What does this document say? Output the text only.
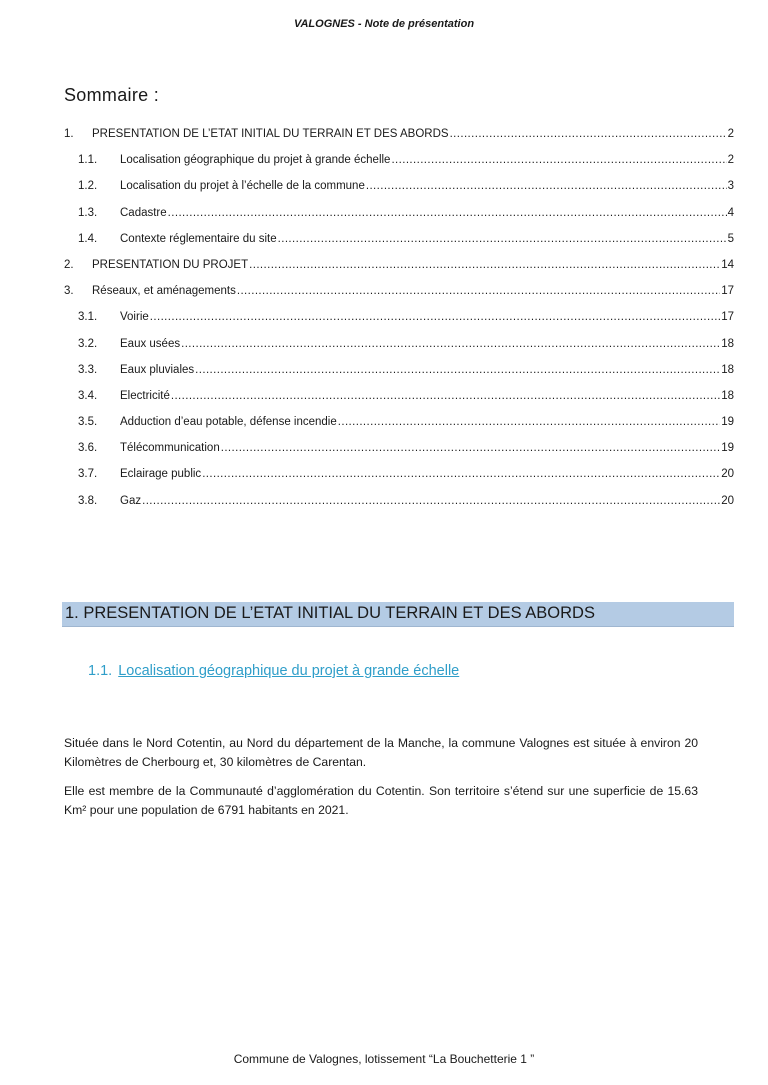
VALOGNES - Note de présentation
Sommaire :
1.	PRESENTATION DE L’ETAT INITIAL DU TERRAIN ET DES ABORDS .....	2
1.1.	Localisation géographique du projet à grande échelle .....	2
1.2.	Localisation du projet à l’échelle de la commune .....	3
1.3.	Cadastre .....	4
1.4.	Contexte réglementaire du site .....	5
2.	PRESENTATION DU PROJET .....	14
3.	Réseaux, et aménagements .....	17
3.1.	Voirie .....	17
3.2.	Eaux usées .....	18
3.3.	Eaux pluviales .....	18
3.4.	Electricité .....	18
3.5.	Adduction d’eau potable, défense incendie .....	19
3.6.	Télécommunication .....	19
3.7.	Eclairage public .....	20
3.8.	Gaz .....	20
1. PRESENTATION DE L’ETAT INITIAL DU TERRAIN ET DES ABORDS
1.1. Localisation géographique du projet à grande échelle

Située dans le Nord Cotentin, au Nord du département de la Manche, la commune Valognes est située à environ 20 Kilomètres de Cherbourg et, 30 kilomètres de Carentan.

Elle est membre de la Communauté d’agglomération du Cotentin. Son territoire s’étend sur une superficie de 15.63 Km² pour une population de 6791 habitants en 2021.

Commune de Valognes, lotissement “La Bouchetterie 1 ”
